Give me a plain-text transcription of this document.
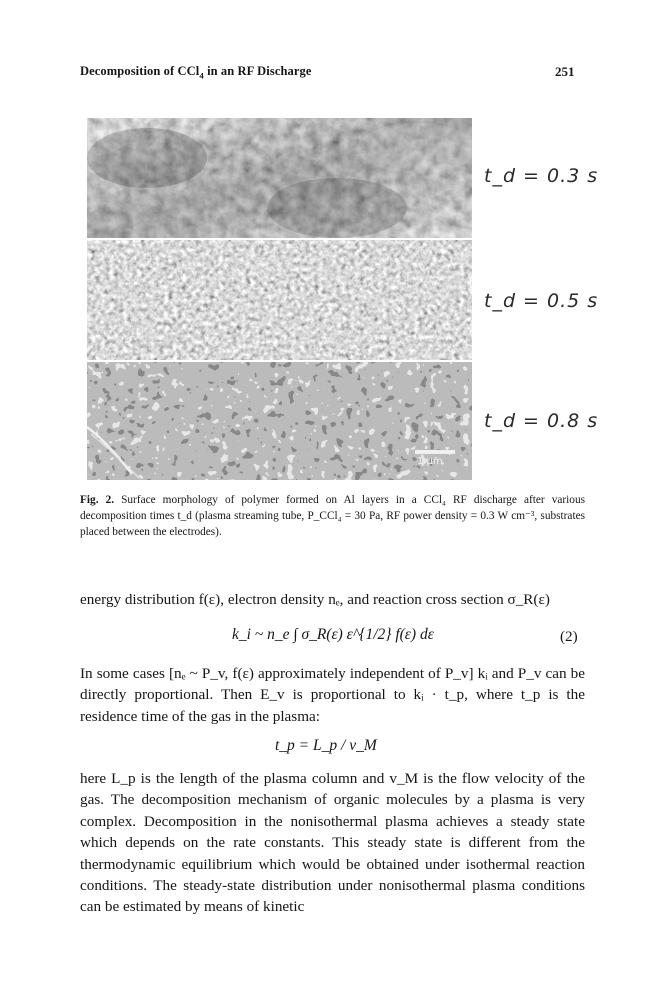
Decomposition of CCl$_4$ in an RF Discharge	251
t_d = 0.3 s
t_d = 0.5 s
1 μm
t_d = 0.8 s
Fig. 2. Surface morphology of polymer formed on Al layers in a CCl₄ RF discharge after various decomposition times t_d (plasma streaming tube, P_CCl₄ = 30 Pa, RF power density = 0.3 W cm⁻³, substrates placed between the electrodes).
energy distribution f(ε), electron density nₑ, and reaction cross section σ_R(ε)
k_i ~ n_e ∫ σ_R(ε) ε^{1/2} f(ε) dε	(2)
In some cases [nₑ ~ P_v, f(ε) approximately independent of P_v] kᵢ and P_v can be directly proportional. Then E_v is proportional to kᵢ · t_p, where t_p is the residence time of the gas in the plasma:
t_p = L_p / v_M
here L_p is the length of the plasma column and v_M is the flow velocity of the gas. The decomposition mechanism of organic molecules by a plasma is very complex. Decomposition in the nonisothermal plasma achieves a steady state which depends on the rate constants. This steady state is different from the thermodynamic equilibrium which would be obtained under isothermal reaction conditions. The steady-state distribution under nonisothermal plasma conditions can be estimated by means of kinetic
